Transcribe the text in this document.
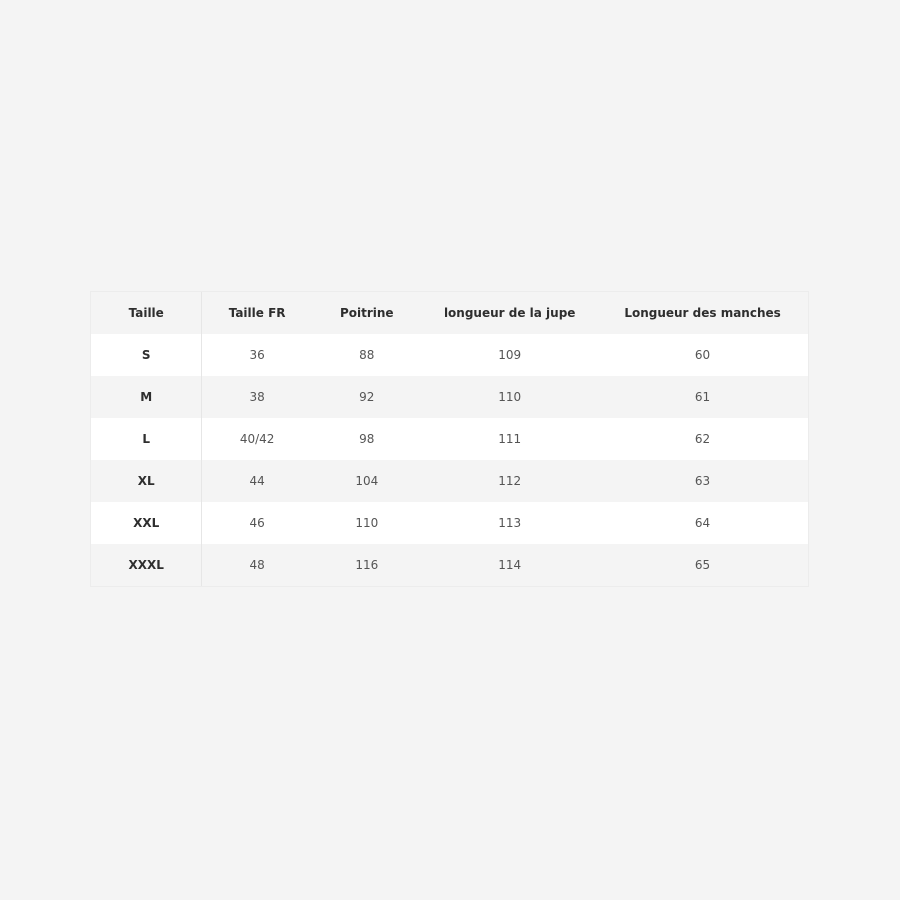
Taille	Taille FR	Poitrine	longueur de la jupe	Longueur des manches
S	36	88	109	60
M	38	92	110	61
L	40/42	98	111	62
XL	44	104	112	63
XXL	46	110	113	64
XXXL	48	116	114	65
